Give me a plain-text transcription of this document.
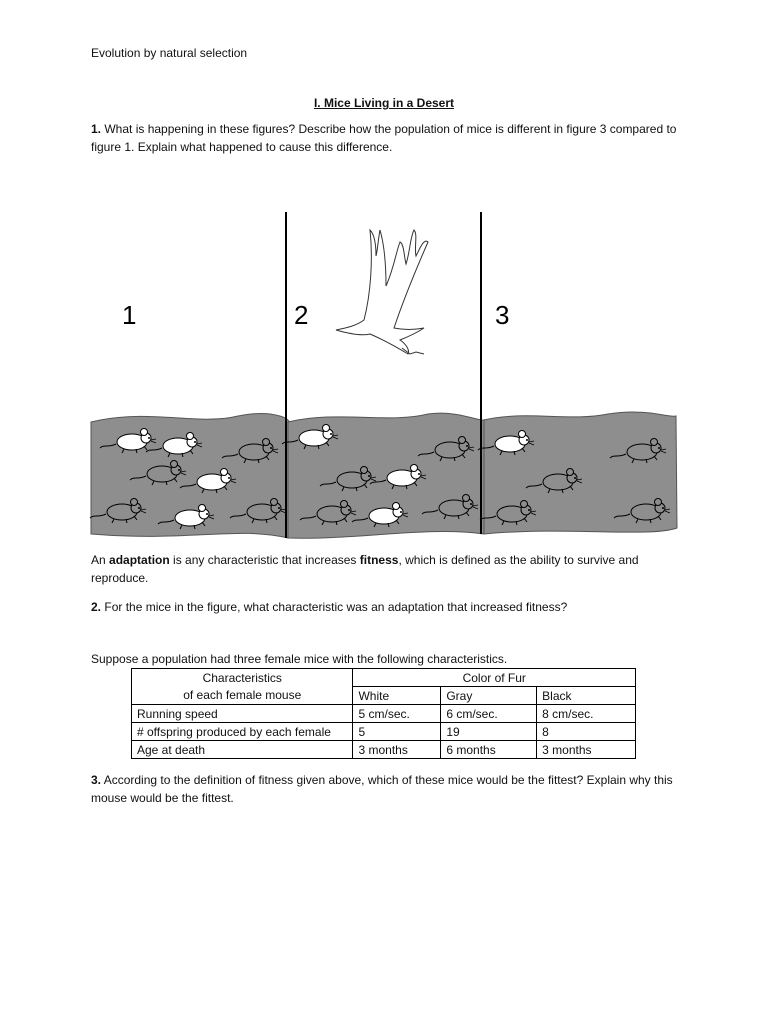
Evolution by natural selection
I. Mice Living in a Desert
1. What is happening in these figures? Describe how the population of mice is different in figure 3 compared to figure 1. Explain what happened to cause this difference.
1	2	3
An adaptation is any characteristic that increases fitness, which is defined as the ability to survive and reproduce.
2. For the mice in the figure, what characteristic was an adaptation that increased fitness?
Suppose a population had three female mice with the following characteristics.
Characteristics	Color of Fur		
of each female mouse	White	Gray	Black
Running speed	5 cm/sec.	6 cm/sec.	8 cm/sec.
# offspring produced by each female	5	19	8
Age at death	3 months	6 months	3 months
3. According to the definition of fitness given above, which of these mice would be the fittest? Explain why this mouse would be the fittest.
